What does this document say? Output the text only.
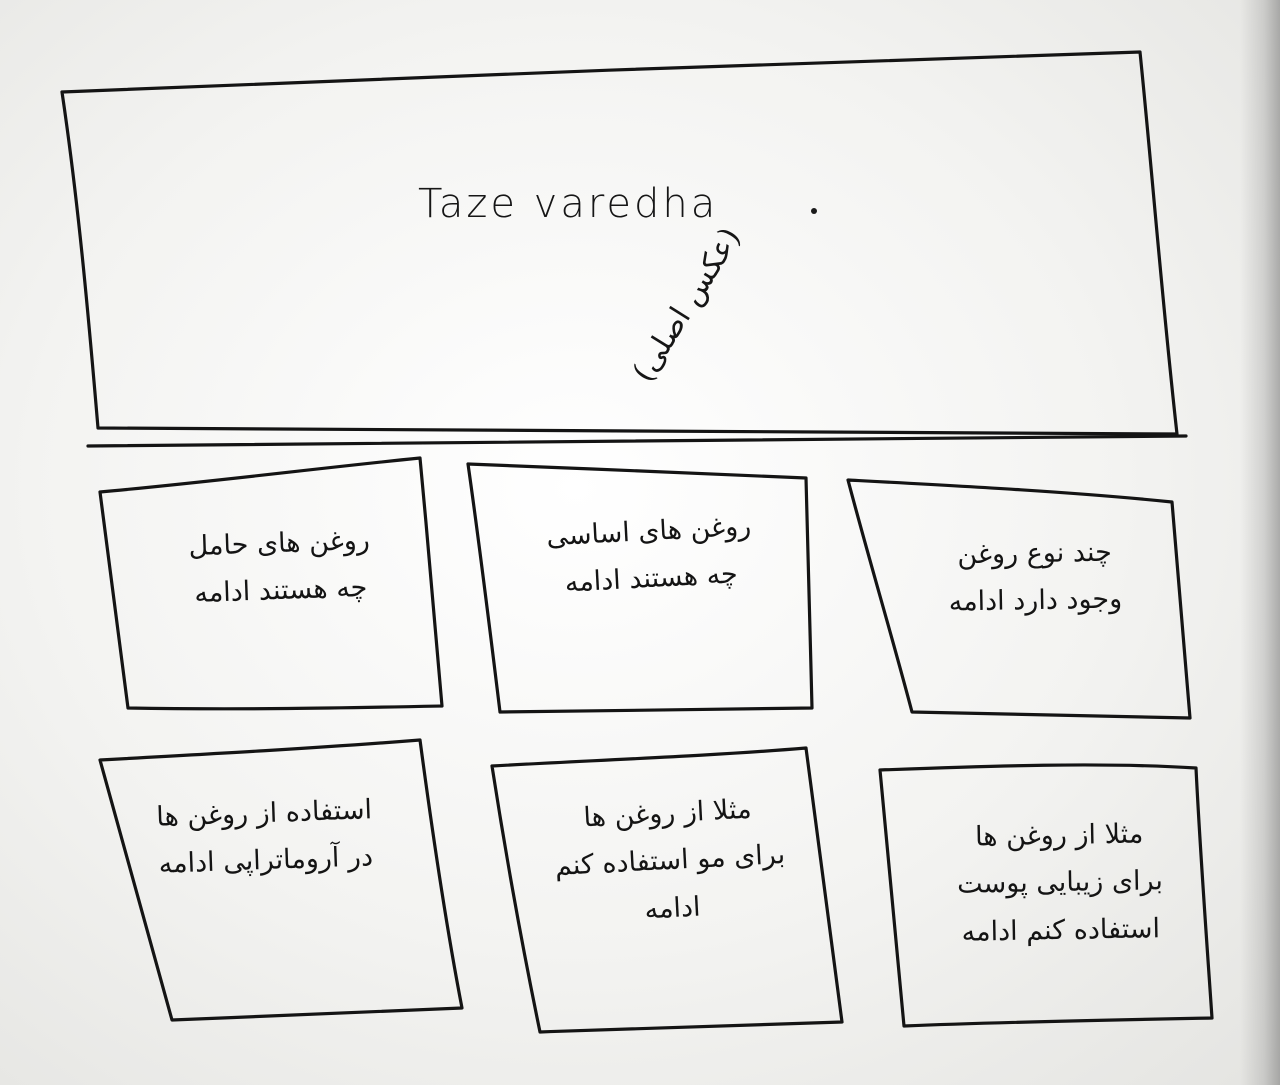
Taze varedha
(عکس اصلی)
روغن های حامل
چه هستند ادامه
روغن های اساسی
چه هستند ادامه
چند نوع روغن
وجود دارد ادامه
استفاده از روغن ها
در آروماتراپی ادامه
مثلا از روغن ها
برای مو استفاده کنم
ادامه
مثلا از روغن ها
برای زیبایی پوست
استفاده کنم ادامه
